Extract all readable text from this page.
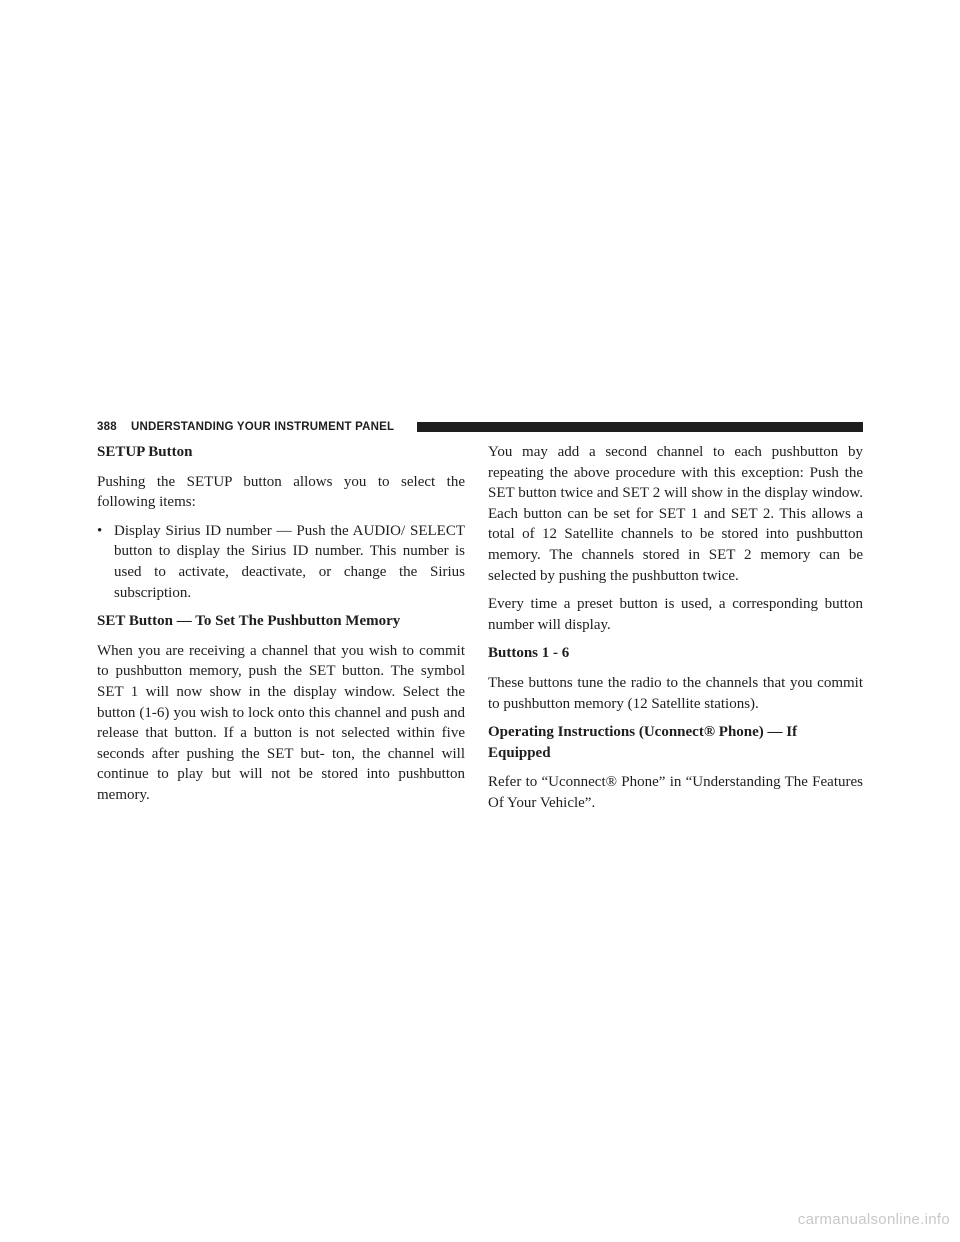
388 UNDERSTANDING YOUR INSTRUMENT PANEL
SETUP Button

Pushing the SETUP button allows you to select the following items:

• Display Sirius ID number — Push the AUDIO/ SELECT button to display the Sirius ID number. This number is used to activate, deactivate, or change the Sirius subscription.
SET Button — To Set The Pushbutton Memory

When you are receiving a channel that you wish to commit to pushbutton memory, push the SET button. The symbol SET 1 will now show in the display window. Select the button (1-6) you wish to lock onto this channel and push and release that button. If a button is not selected within five seconds after pushing the SET but- ton, the channel will continue to play but will not be stored into pushbutton memory.

You may add a second channel to each pushbutton by repeating the above procedure with this exception: Push the SET button twice and SET 2 will show in the display window. Each button can be set for SET 1 and SET 2. This allows a total of 12 Satellite channels to be stored into pushbutton memory. The channels stored in SET 2 memory can be selected by pushing the pushbutton twice.

Every time a preset button is used, a corresponding button number will display.

Buttons 1 - 6

These buttons tune the radio to the channels that you commit to pushbutton memory (12 Satellite stations).

Operating Instructions (Uconnect® Phone) — If Equipped

Refer to “Uconnect® Phone” in “Understanding The Features Of Your Vehicle”.

carmanualsonline.info
